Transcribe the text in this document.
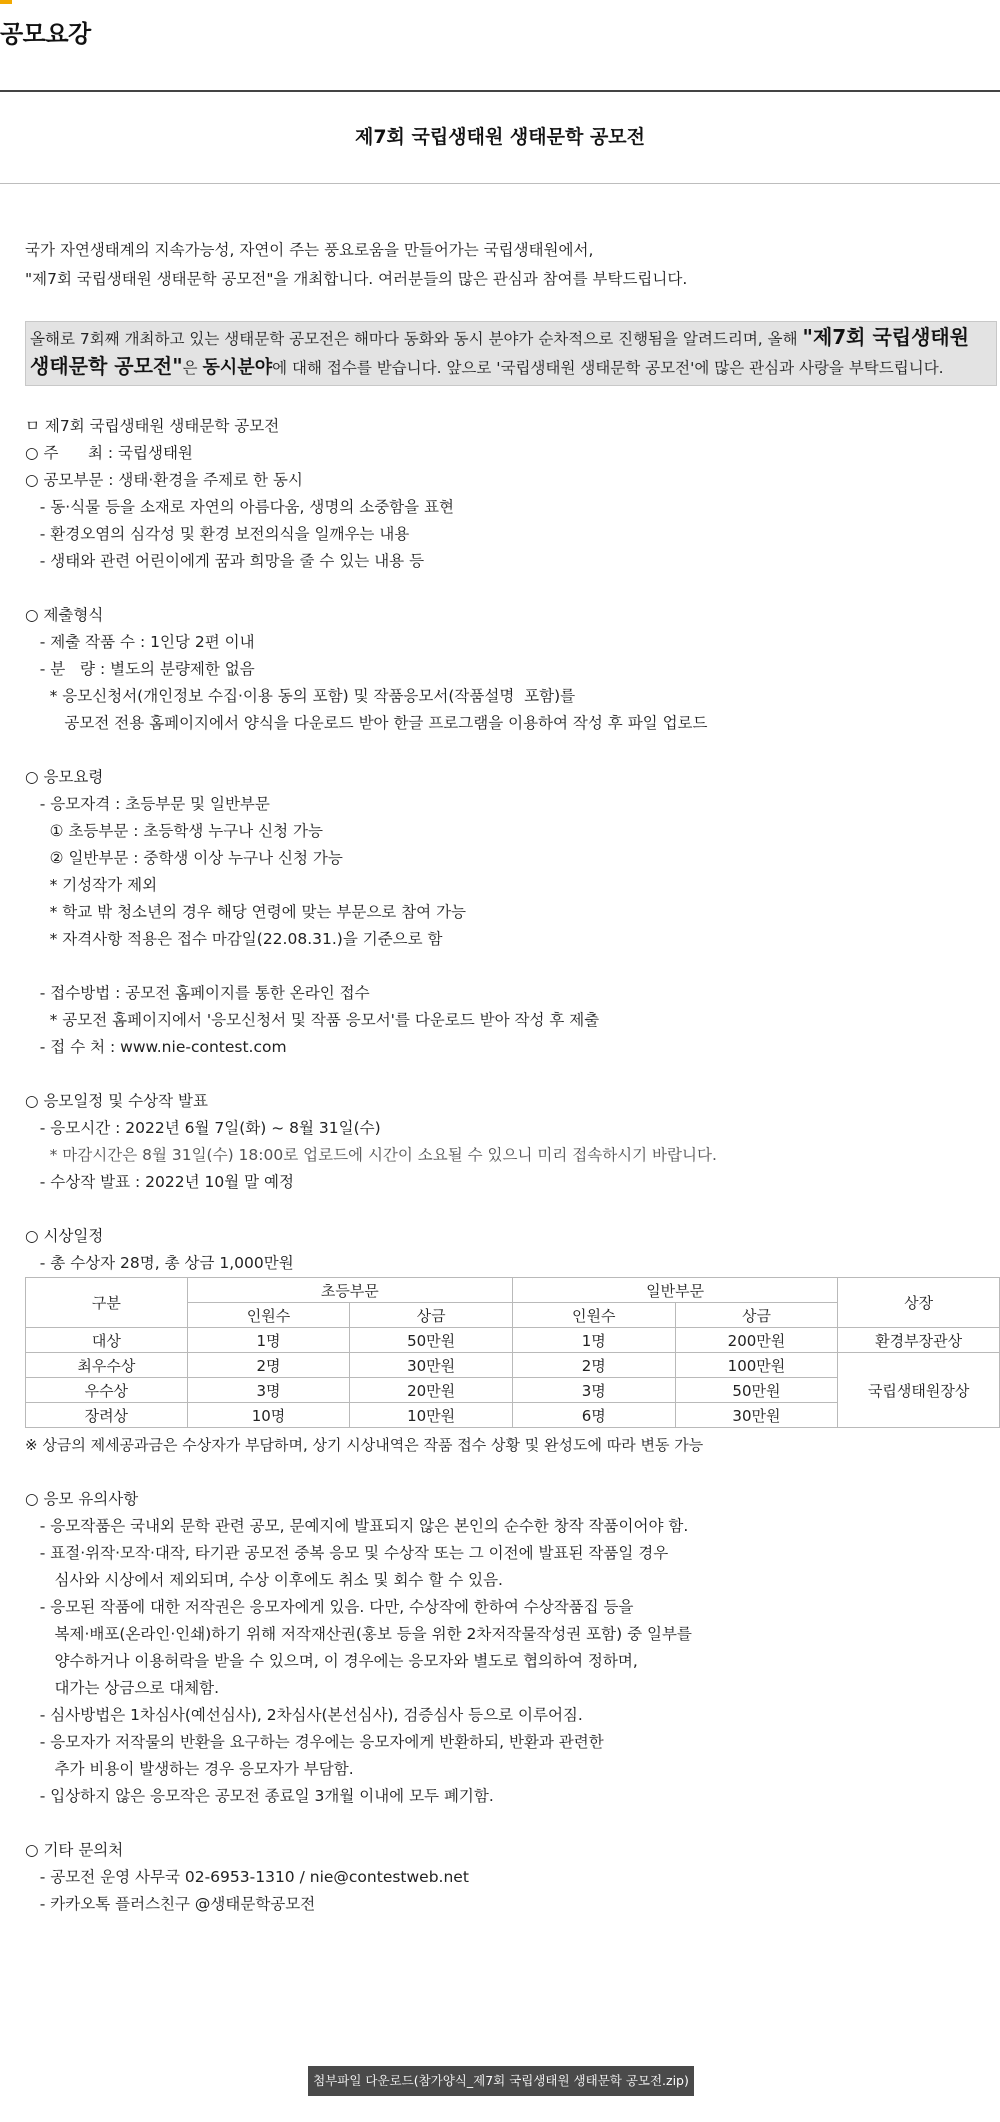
공모요강
제7회 국립생태원 생태문학 공모전
국가 자연생태계의 지속가능성, 자연이 주는 풍요로움을 만들어가는 국립생태원에서,
"제7회 국립생태원 생태문학 공모전"을 개최합니다. 여러분들의 많은 관심과 참여를 부탁드립니다.
올해로 7회째 개최하고 있는 생태문학 공모전은 해마다 동화와 동시 분야가 순차적으로 진행됨을 알려드리며, 올해 "제7회 국립생태원 생태문학 공모전"은 동시분야에 대해 접수를 받습니다. 앞으로 '국립생태원 생태문학 공모전'에 많은 관심과 사랑을 부탁드립니다.
ㅁ 제7회 국립생태원 생태문학 공모전
○ 주      최 : 국립생태원
○ 공모부문 : 생태·환경을 주제로 한 동시
- 동·식물 등을 소재로 자연의 아름다움, 생명의 소중함을 표현
- 환경오염의 심각성 및 환경 보전의식을 일깨우는 내용
- 생태와 관련 어린이에게 꿈과 희망을 줄 수 있는 내용 등
○ 제출형식
- 제출 작품 수 : 1인당 2편 이내
- 분   량 : 별도의 분량제한 없음
* 응모신청서(개인정보 수집·이용 동의 포함) 및 작품응모서(작품설명  포함)를
공모전 전용 홈페이지에서 양식을 다운로드 받아 한글 프로그램을 이용하여 작성 후 파일 업로드
○ 응모요령
- 응모자격 : 초등부문 및 일반부문
① 초등부문 : 초등학생 누구나 신청 가능
② 일반부문 : 중학생 이상 누구나 신청 가능
* 기성작가 제외
* 학교 밖 청소년의 경우 해당 연령에 맞는 부문으로 참여 가능
* 자격사항 적용은 접수 마감일(22.08.31.)을 기준으로 함
- 접수방법 : 공모전 홈페이지를 통한 온라인 접수
* 공모전 홈페이지에서 '응모신청서 및 작품 응모서'를 다운로드 받아 작성 후 제출
- 접 수 처 : www.nie-contest.com
○ 응모일정 및 수상작 발표
- 응모시간 : 2022년 6월 7일(화) ~ 8월 31일(수)
* 마감시간은 8월 31일(수) 18:00로 업로드에 시간이 소요될 수 있으니 미리 접속하시기 바랍니다.
- 수상작 발표 : 2022년 10월 말 예정
○ 시상일정
- 총 수상자 28명, 총 상금 1,000만원
구분	초등부문		일반부문		상장
	인원수	상금	인원수	상금	
대상	1명	50만원	1명	200만원	환경부장관상
최우수상	2명	30만원	2명	100만원	국립생태원장상
우수상	3명	20만원	3명	50만원	
장려상	10명	10만원	6명	30만원	
※ 상금의 제세공과금은 수상자가 부담하며, 상기 시상내역은 작품 접수 상황 및 완성도에 따라 변동 가능
○ 응모 유의사항
- 응모작품은 국내외 문학 관련 공모, 문예지에 발표되지 않은 본인의 순수한 창작 작품이어야 함.
- 표절·위작·모작·대작, 타기관 공모전 중복 응모 및 수상작 또는 그 이전에 발표된 작품일 경우
심사와 시상에서 제외되며, 수상 이후에도 취소 및 회수 할 수 있음.
- 응모된 작품에 대한 저작권은 응모자에게 있음. 다만, 수상작에 한하여 수상작품집 등을
복제·배포(온라인·인쇄)하기 위해 저작재산권(홍보 등을 위한 2차저작물작성권 포함) 중 일부를
양수하거나 이용허락을 받을 수 있으며, 이 경우에는 응모자와 별도로 협의하여 정하며,
대가는 상금으로 대체함.
- 심사방법은 1차심사(예선심사), 2차심사(본선심사), 검증심사 등으로 이루어짐.
- 응모자가 저작물의 반환을 요구하는 경우에는 응모자에게 반환하되, 반환과 관련한
추가 비용이 발생하는 경우 응모자가 부담함.
- 입상하지 않은 응모작은 공모전 종료일 3개월 이내에 모두 폐기함.
○ 기타 문의처
- 공모전 운영 사무국 02-6953-1310 / nie@contestweb.net
- 카카오톡 플러스친구 @생태문학공모전
첨부파일 다운로드(참가양식_제7회 국립생태원 생태문학 공모전.zip)
